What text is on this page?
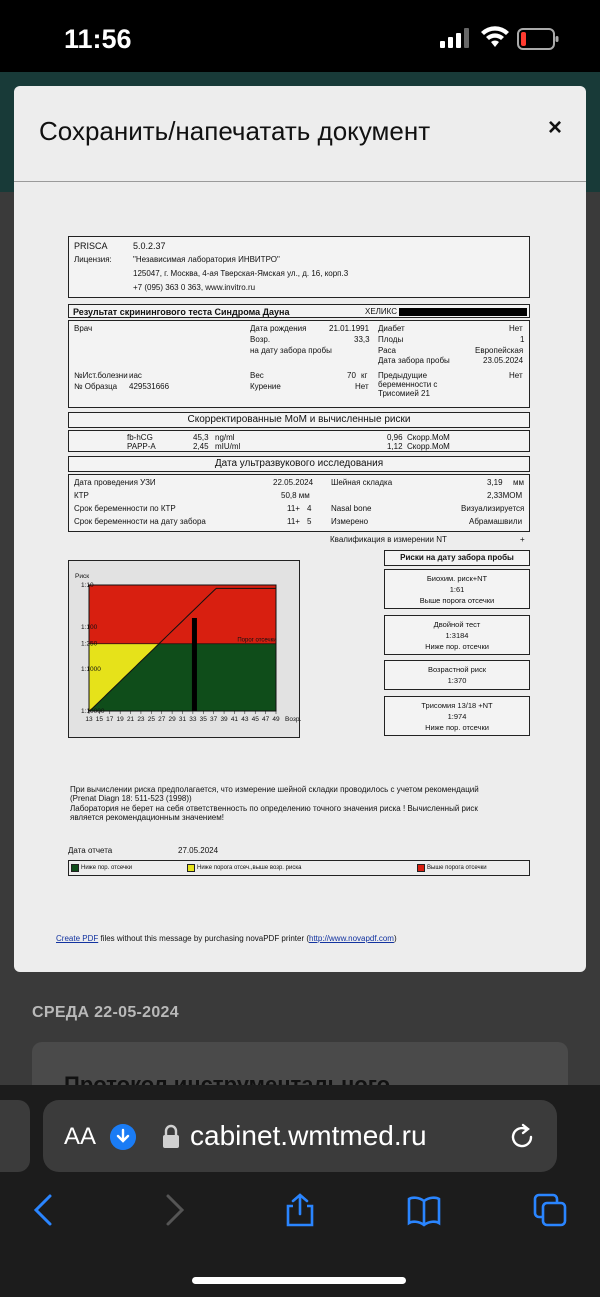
11:56
СРЕДА 22-05-2024
Сохранить/напечатать документ	×
PRISCA	5.0.2.37
Лицензия:	"Независимая лаборатория ИНВИТРО"
125047, г. Москва, 4-ая Тверская-Ямская ул., д. 16, корп.3
+7 (095) 363 0 363, www.invitro.ru
Результат скринингового теста Синдрома Дауна	ХЕЛИКС
Врач
№Ист.болезни иас
№ Образца 429531666
Дата рождения	21.01.1991
Возр.	33,3
на дату забора пробы
Вес	70 кг
Курение	Нет
Диабет	Нет
Плоды	1
Раса	Европейская
Дата забора пробы	23.05.2024
Предыдущие
беременности с
Трисомией 21
Нет
Скорректированные МоМ и вычисленные риски
fb-hCG	45,3 ng/ml	0,96 Скорр.МоМ
PAPP-A	2,45 mIU/ml	1,12 Скорр.МоМ
Дата ультразвукового исследования
Дата проведения УЗИ	22.05.2024
КТР	50,8 мм
Срок беременности по КТР	11+ 4
Срок беременности на дату забора	11+ 5
Шейная складка	3,19 мм
2,33МОМ
Nasal bone	Визуализируется
Измерено	Абрамашвили
Квалификация в измерении NT	+
Порог отсечки
Риск
1:10
1:100
1:250
1:1000
1:10000
13 15 17 19 21 23 25 27 29 31 33 35 37 39 41 43 45 47 49 Возр.
Риски на дату забора пробы
Биохим. риск+NT
1:61
Выше порога отсечки
Двойной тест
1:3184
Ниже пор. отсечки
Возрастной риск
1:370
Трисомия 13/18 +NT
1:974
Ниже пор. отсечки
При вычислении риска предполагается, что измерение шейной складки проводилось с учетом рекомендаций
(Prenat Diagn 18: 511-523 (1998))
Лаборатория не берет на себя ответственность по определению точного значения риска ! Вычисленный риск
является рекомендационным значением!
Дата отчета	27.05.2024
Ниже пор. отсечки	Ниже порога отсеч.,выше возр. риска	Выше порога отсечки
Create PDF files without this message by purchasing novaPDF printer (http://www.novapdf.com)
AA	cabinet.wmtmed.ru
